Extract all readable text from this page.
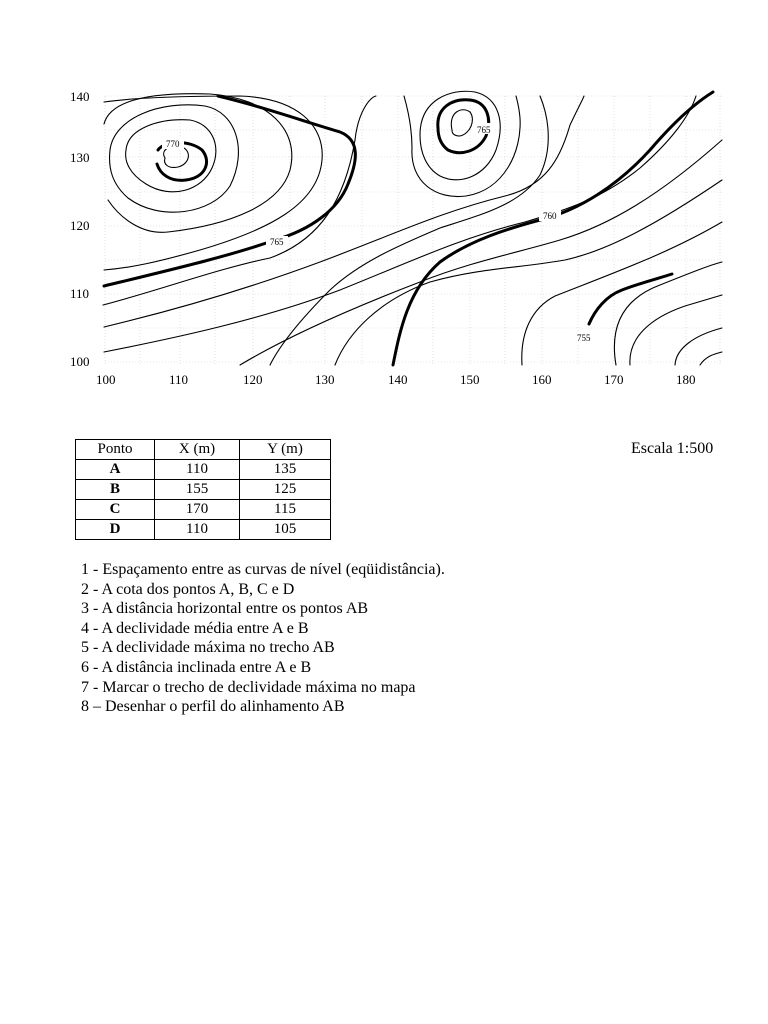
770
765
765
760
755
140
130
120
110
100
100	110	120	130	140	150	160	170	180
Ponto	X (m)	Y (m)
A	110	135
B	155	125
C	170	115
D	110	105
Escala 1:500
1 - Espaçamento entre as curvas de nível (eqüidistância).
2 - A cota dos pontos A, B, C e D
3 - A distância horizontal entre os pontos AB
4 - A declividade média entre A e B
5 - A declividade máxima no trecho AB
6 - A distância inclinada entre A e B
7 - Marcar o trecho de declividade máxima no mapa
8 – Desenhar o perfil do alinhamento AB
